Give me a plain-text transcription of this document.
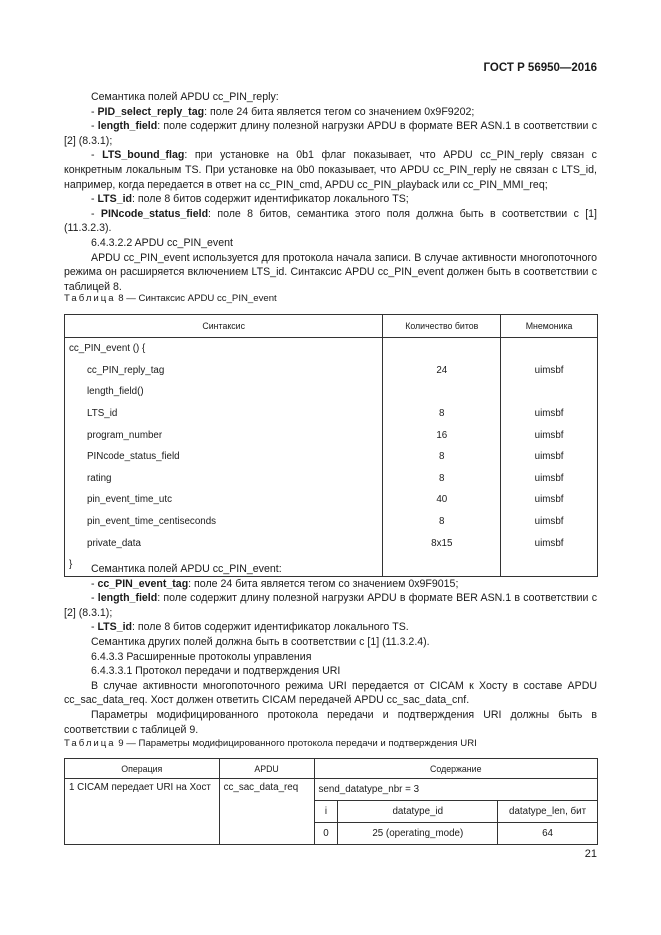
ГОСТ Р 56950—2016

Семантика полей APDU cc_PIN_reply:

- PID_select_reply_tag: поле 24 бита является тегом со значением 0x9F9202;

- length_field: поле содержит длину полезной нагрузки APDU в формате BER ASN.1 в соответствии с [2] (8.3.1);

- LTS_bound_flag: при установке на 0b1 флаг показывает, что APDU cc_PIN_reply связан с конкретным локальным TS. При установке на 0b0 показывает, что APDU cc_PIN_reply не связан с LTS_id, например, когда передается в ответ на cc_PIN_cmd, APDU cc_PIN_playback или cc_PIN_MMI_req;

- LTS_id: поле 8 битов содержит идентификатор локального TS;

- PINcode_status_field: поле 8 битов, семантика этого поля должна быть в соответствии с [1] (11.3.2.3).

6.4.3.2.2 APDU cc_PIN_event

APDU cc_PIN_event используется для протокола начала записи. В случае активности многопоточного режима он расширяется включением LTS_id. Синтаксис APDU cc_PIN_event должен быть в соответствии с таблицей 8.

Таблица 8 — Синтаксис APDU cc_PIN_event
Синтаксис	Количество битов	Мнемоника
cc_PIN_event () {		
cc_PIN_reply_tag	24	uimsbf
length_field()		
LTS_id	8	uimsbf
program_number	16	uimsbf
PINcode_status_field	8	uimsbf
rating	8	uimsbf
pin_event_time_utc	40	uimsbf
pin_event_time_centiseconds	8	uimsbf
private_data	8x15	uimsbf
}			Семантика полей APDU cc_PIN_event:

- cc_PIN_event_tag: поле 24 бита является тегом со значением 0x9F9015;

- length_field: поле содержит длину полезной нагрузки APDU в формате BER ASN.1 в соответствии с [2] (8.3.1);

- LTS_id: поле 8 битов содержит идентификатор локального TS.

Семантика других полей должна быть в соответствии с [1] (11.3.2.4).

6.4.3.3 Расширенные протоколы управления

6.4.3.3.1 Протокол передачи и подтверждения URI

В случае активности многопоточного режима URI передается от CICAM к Хосту в составе APDU cc_sac_data_req. Хост должен ответить CICAM передачей APDU cc_sac_data_cnf.

Параметры модифицированного протокола передачи и подтверждения URI должны быть в соответствии с таблицей 9.

Таблица 9 — Параметры модифицированного протокола передачи и подтверждения URI
Операция	APDU	Содержание		
1 CICAM передает URI на Хост	cc_sac_data_req	send_datatype_nbr = 3		
		i	datatype_id	datatype_len, бит
		0	25 (operating_mode)	64
21
